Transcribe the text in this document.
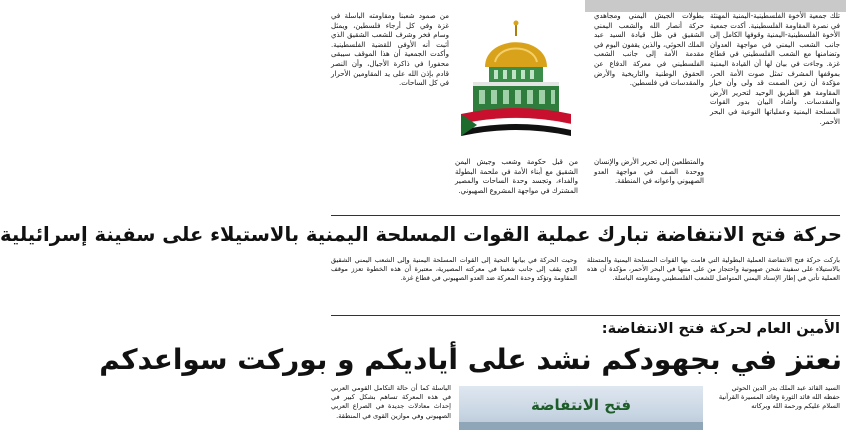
تلك جمعية الأخوة الفلسطينية-اليمنية المهنئة في نصرة المقاومة الفلسطينية. أكدت جمعية الأخوة الفلسطينية-اليمنية وقوفها الكامل إلى جانب الشعب اليمني في مواجهة العدوان وتضامنها مع الشعب الفلسطيني في قطاع غزة. وجاءت في بيان لها أن القيادة اليمنية بموقفها المشرف تمثل صوت الأمة الحر، مؤكدة أن زمن الصمت قد ولى وأن خيار المقاومة هو الطريق الوحيد لتحرير الأرض والمقدسات. وأشاد البيان بدور القوات المسلحة اليمنية وعملياتها النوعية في البحر الأحمر.

بطولات الجيش اليمني ومجاهدي حركة أنصار الله والشعب اليمني الشقيق في ظل قيادة السيد عبد الملك الحوثي، والذين يقفون اليوم في مقدمة الأمة إلى جانب الشعب الفلسطيني في معركة الدفاع عن الحقوق الوطنية والتاريخية والأرض والمقدسات في فلسطين.

من صمود شعبنا ومقاومته الباسلة في غزة وفي كل أرجاء فلسطين، ويمثل وسام فخر وشرف للشعب الشقيق الذي أثبت أنه الأوفى للقضية الفلسطينية. وأكدت الجمعية أن هذا الموقف سيبقى محفورا في ذاكرة الأجيال، وأن النصر قادم بإذن الله على يد المقاومين الأحرار في كل الساحات.

من قبل حكومة وشعب وجيش اليمن الشقيق مع أبناء الأمة في ملحمة البطولة والفداء، وتجسد وحدة الساحات والمصير المشترك في مواجهة المشروع الصهيوني.

والمتطلعين إلى تحرير الأرض والإنسان ووحدة الصف في مواجهة العدو الصهيوني وأعوانه في المنطقة.

حركة فتح الانتفاضة تبارك عملية القوات المسلحة اليمنية بالاستيلاء على سفينة إسرائيلية

باركت حركة فتح الانتفاضة العملية البطولية التي قامت بها القوات المسلحة اليمنية والمتمثلة بالاستيلاء على سفينة شحن صهيونية واحتجاز من على متنها في البحر الأحمر، مؤكدة أن هذه العملية تأتي في إطار الإسناد اليمني المتواصل للشعب الفلسطيني ومقاومته الباسلة.

وحيت الحركة في بيانها التحية إلى القوات المسلحة اليمنية وإلى الشعب اليمني الشقيق الذي يقف إلى جانب شعبنا في معركته المصيرية، معتبرة أن هذه الخطوة تعزز موقف المقاومة وتؤكد وحدة المعركة ضد العدو الصهيوني في قطاع غزة.

الأمين العام لحركة فتح الانتفاضة:
نعتز في بجهودكم نشد على أياديكم و بوركت سواعدكم

السيد القائد عبد الملك بدر الدين الحوثي حفظه الله قائد الثورة وقائد المسيرة القرآنية السلام عليكم ورحمة الله وبركاته

فتح الانتفاضة

الباسلة كما أن حالة التكامل القومي العربي في هذه المعركة تساهم بشكل كبير في إحداث معادلات جديدة في الصراع العربي الصهيوني وفي موازين القوى في المنطقة.
